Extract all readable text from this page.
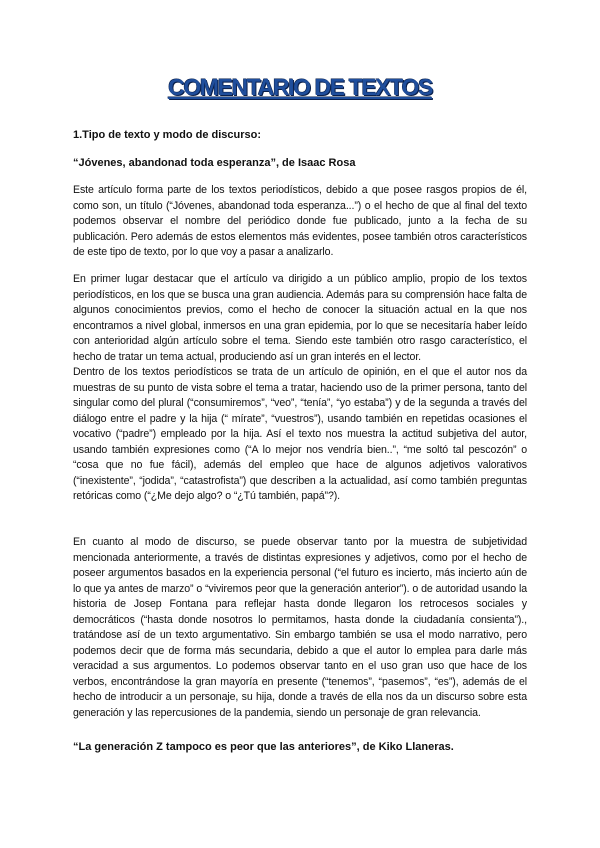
COMENTARIO DE TEXTOS
1.Tipo de texto y modo de discurso:
“Jóvenes, abandonad toda esperanza”, de Isaac Rosa

Este artículo forma parte de los textos periodísticos, debido a que posee rasgos propios de él, como son, un título (“Jóvenes, abandonad toda esperanza...”) o el hecho de que al final del texto podemos observar el nombre del periódico donde fue publicado, junto a la fecha de su publicación. Pero además de estos elementos más evidentes, posee también otros característicos de este tipo de texto, por lo que voy a pasar a analizarlo.

En primer lugar destacar que el artículo va dirigido a un público amplio, propio de los textos periodísticos, en los que se busca una gran audiencia. Además para su comprensión hace falta de algunos conocimientos previos, como el hecho de conocer la situación actual en la que nos encontramos a nivel global, inmersos en una gran epidemia, por lo que se necesitaría haber leído con anterioridad algún artículo sobre el tema. Siendo este también otro rasgo característico, el hecho de tratar un tema actual, produciendo así un gran interés en el lector.

Dentro de los textos periodísticos se trata de un artículo de opinión, en el que el autor nos da muestras de su punto de vista sobre el tema a tratar, haciendo uso de la primer persona, tanto del singular como del plural (“consumiremos”, “veo”, “tenía”, “yo estaba”) y de la segunda a través del diálogo entre el padre y la hija (“ mírate”, “vuestros”), usando también en repetidas ocasiones el vocativo (“padre”) empleado por la hija. Así el texto nos muestra la actitud subjetiva del autor, usando también expresiones como (“A lo mejor nos vendría bien..”, “me soltó tal pescozón” o “cosa que no fue fácil), además del empleo que hace de algunos adjetivos valorativos (“inexistente”, “jodida”, “catastrofista”) que describen a la actualidad, así como también preguntas retóricas como (“¿Me dejo algo? o “¿Tú también, papá”?).

En cuanto al modo de discurso, se puede observar tanto por la muestra de subjetividad mencionada anteriormente, a través de distintas expresiones y adjetivos, como por el hecho de poseer argumentos basados en la experiencia personal (“el futuro es incierto, más incierto aún de lo que ya antes de marzo” o “viviremos peor que la generación anterior”). o de autoridad usando la historia de Josep Fontana para reflejar hasta donde llegaron los retrocesos sociales y democráticos (“hasta donde nosotros lo permitamos, hasta donde la ciudadanía consienta”)., tratándose así de un texto argumentativo. Sin embargo también se usa el modo narrativo, pero podemos decir que de forma más secundaria, debido a que el autor lo emplea para darle más veracidad a sus argumentos. Lo podemos observar tanto en el uso gran uso que hace de los verbos, encontrándose la gran mayoría en presente (“tenemos”, “pasemos”, “es”), además de el hecho de introducir a un personaje, su hija, donde a través de ella nos da un discurso sobre esta generación y las repercusiones de la pandemia, siendo un personaje de gran relevancia.

“La generación Z tampoco es peor que las anteriores”, de Kiko Llaneras.
